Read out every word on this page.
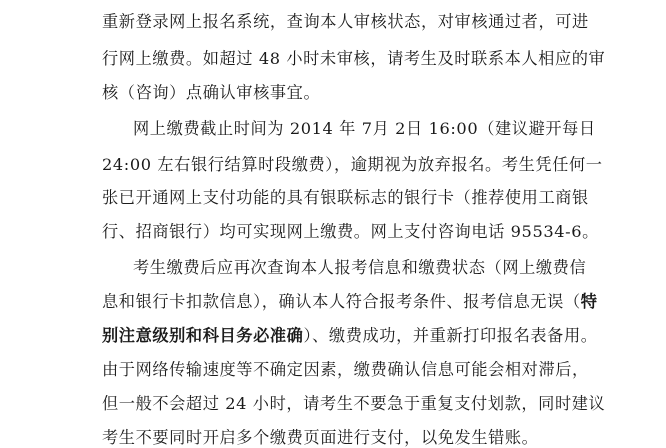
重新登录网上报名系统，查询本人审核状态，对审核通过者，可进
行网上缴费。如超过 48 小时未审核，请考生及时联系本人相应的审
核（咨询）点确认审核事宜。
网上缴费截止时间为 2014 年 7月 2日 16:00（建议避开每日
24:00 左右银行结算时段缴费），逾期视为放弃报名。考生凭任何一
张已开通网上支付功能的具有银联标志的银行卡（推荐使用工商银
行、招商银行）均可实现网上缴费。网上支付咨询电话 95534-6。
考生缴费后应再次查询本人报考信息和缴费状态（网上缴费信
息和银行卡扣款信息），确认本人符合报考条件、报考信息无误（特
别注意级别和科目务必准确）、缴费成功，并重新打印报名表备用。
由于网络传输速度等不确定因素，缴费确认信息可能会相对滞后，
但一般不会超过 24 小时，请考生不要急于重复支付划款，同时建议
考生不要同时开启多个缴费页面进行支付，以免发生错账。
